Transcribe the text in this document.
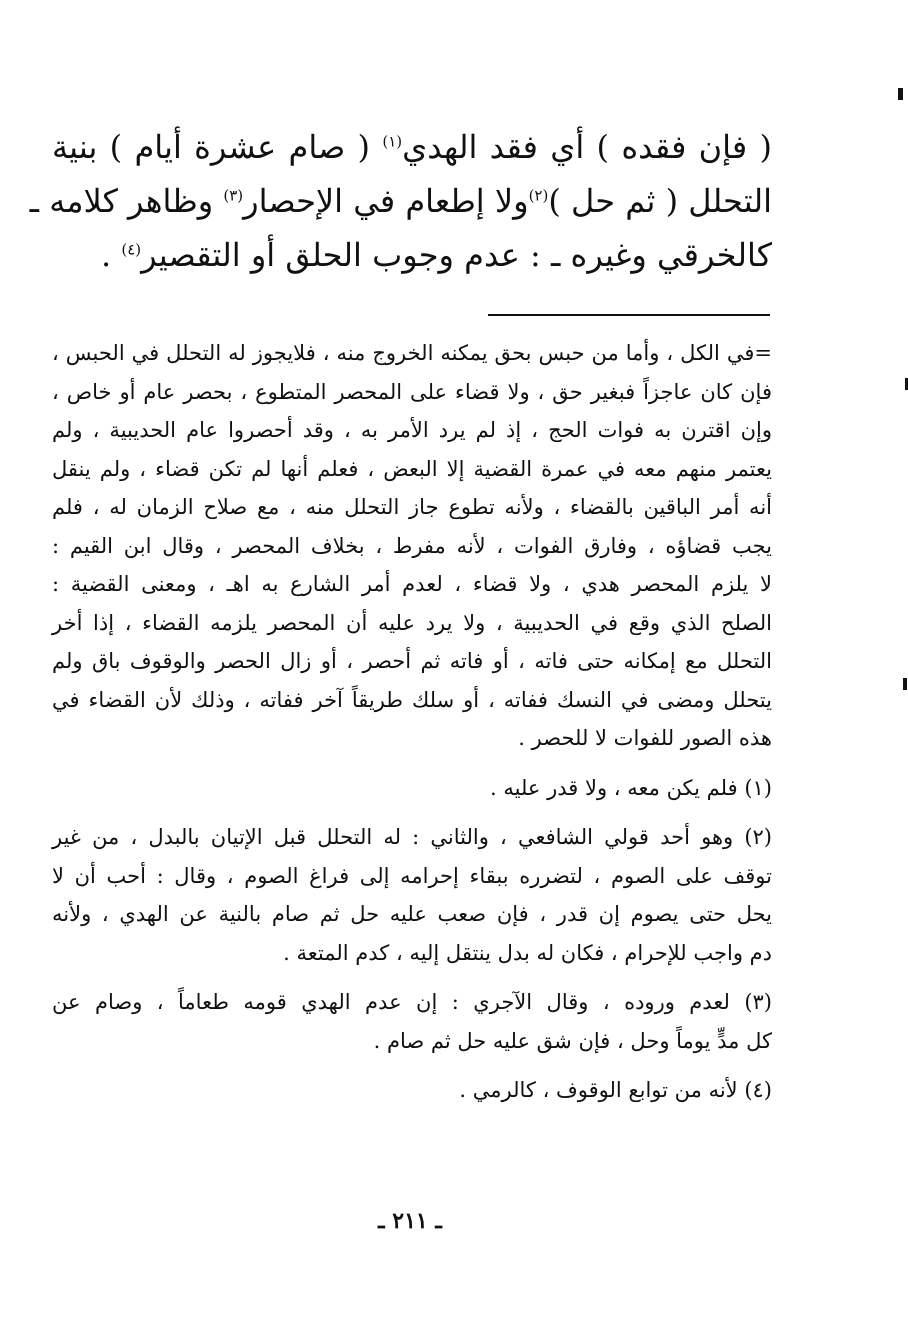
( فإن فقده ) أي فقد الهدي$^{(١)}$ ( صام عشرة أيام ) بنية
التحلل ( ثم حل )$^{(٢)}$ولا إطعام في الإحصار$^{(٣)}$ وظاهر كلامه ـ
كالخرقي وغيره ـ : عدم وجوب الحلق أو التقصير$^{(٤)}$ .
=في الكل ، وأما من حبس بحق يمكنه الخروج منه ، فلايجوز له التحلل في الحبس ،
فإن كان عاجزاً فبغير حق ، ولا قضاء على المحصر المتطوع ، بحصر عام أو خاص ،
وإن اقترن به فوات الحج ، إذ لم يرد الأمر به ، وقد أحصروا عام الحديبية ، ولم
يعتمر منهم معه في عمرة القضية إلا البعض ، فعلم أنها لم تكن قضاء ، ولم ينقل
أنه أمر الباقين بالقضاء ، ولأنه تطوع جاز التحلل منه ، مع صلاح الزمان له ، فلم
يجب قضاؤه ، وفارق الفوات ، لأنه مفرط ، بخلاف المحصر ، وقال ابن القيم :
لا يلزم المحصر هدي ، ولا قضاء ، لعدم أمر الشارع به اهـ ، ومعنى القضية :
الصلح الذي وقع في الحديبية ، ولا يرد عليه أن المحصر يلزمه القضاء ، إذا أخر
التحلل مع إمكانه حتى فاته ، أو فاته ثم أحصر ، أو زال الحصر والوقوف باق ولم
يتحلل ومضى في النسك ففاته ، أو سلك طريقاً آخر ففاته ، وذلك لأن القضاء في
هذه الصور للفوات لا للحصر .
(١) فلم يكن معه ، ولا قدر عليه .
(٢) وهو أحد قولي الشافعي ، والثاني : له التحلل قبل الإتيان بالبدل ، من غير
توقف على الصوم ، لتضرره ببقاء إحرامه إلى فراغ الصوم ، وقال : أحب أن لا
يحل حتى يصوم إن قدر ، فإن صعب عليه حل ثم صام بالنية عن الهدي ، ولأنه
دم واجب للإحرام ، فكان له بدل ينتقل إليه ، كدم المتعة .
(٣) لعدم وروده ، وقال الآجري : إن عدم الهدي قومه طعاماً ، وصام عن
كل مدٍّ يوماً وحل ، فإن شق عليه حل ثم صام .
(٤) لأنه من توابع الوقوف ، كالرمي .
ـ ٢١١ ـ
